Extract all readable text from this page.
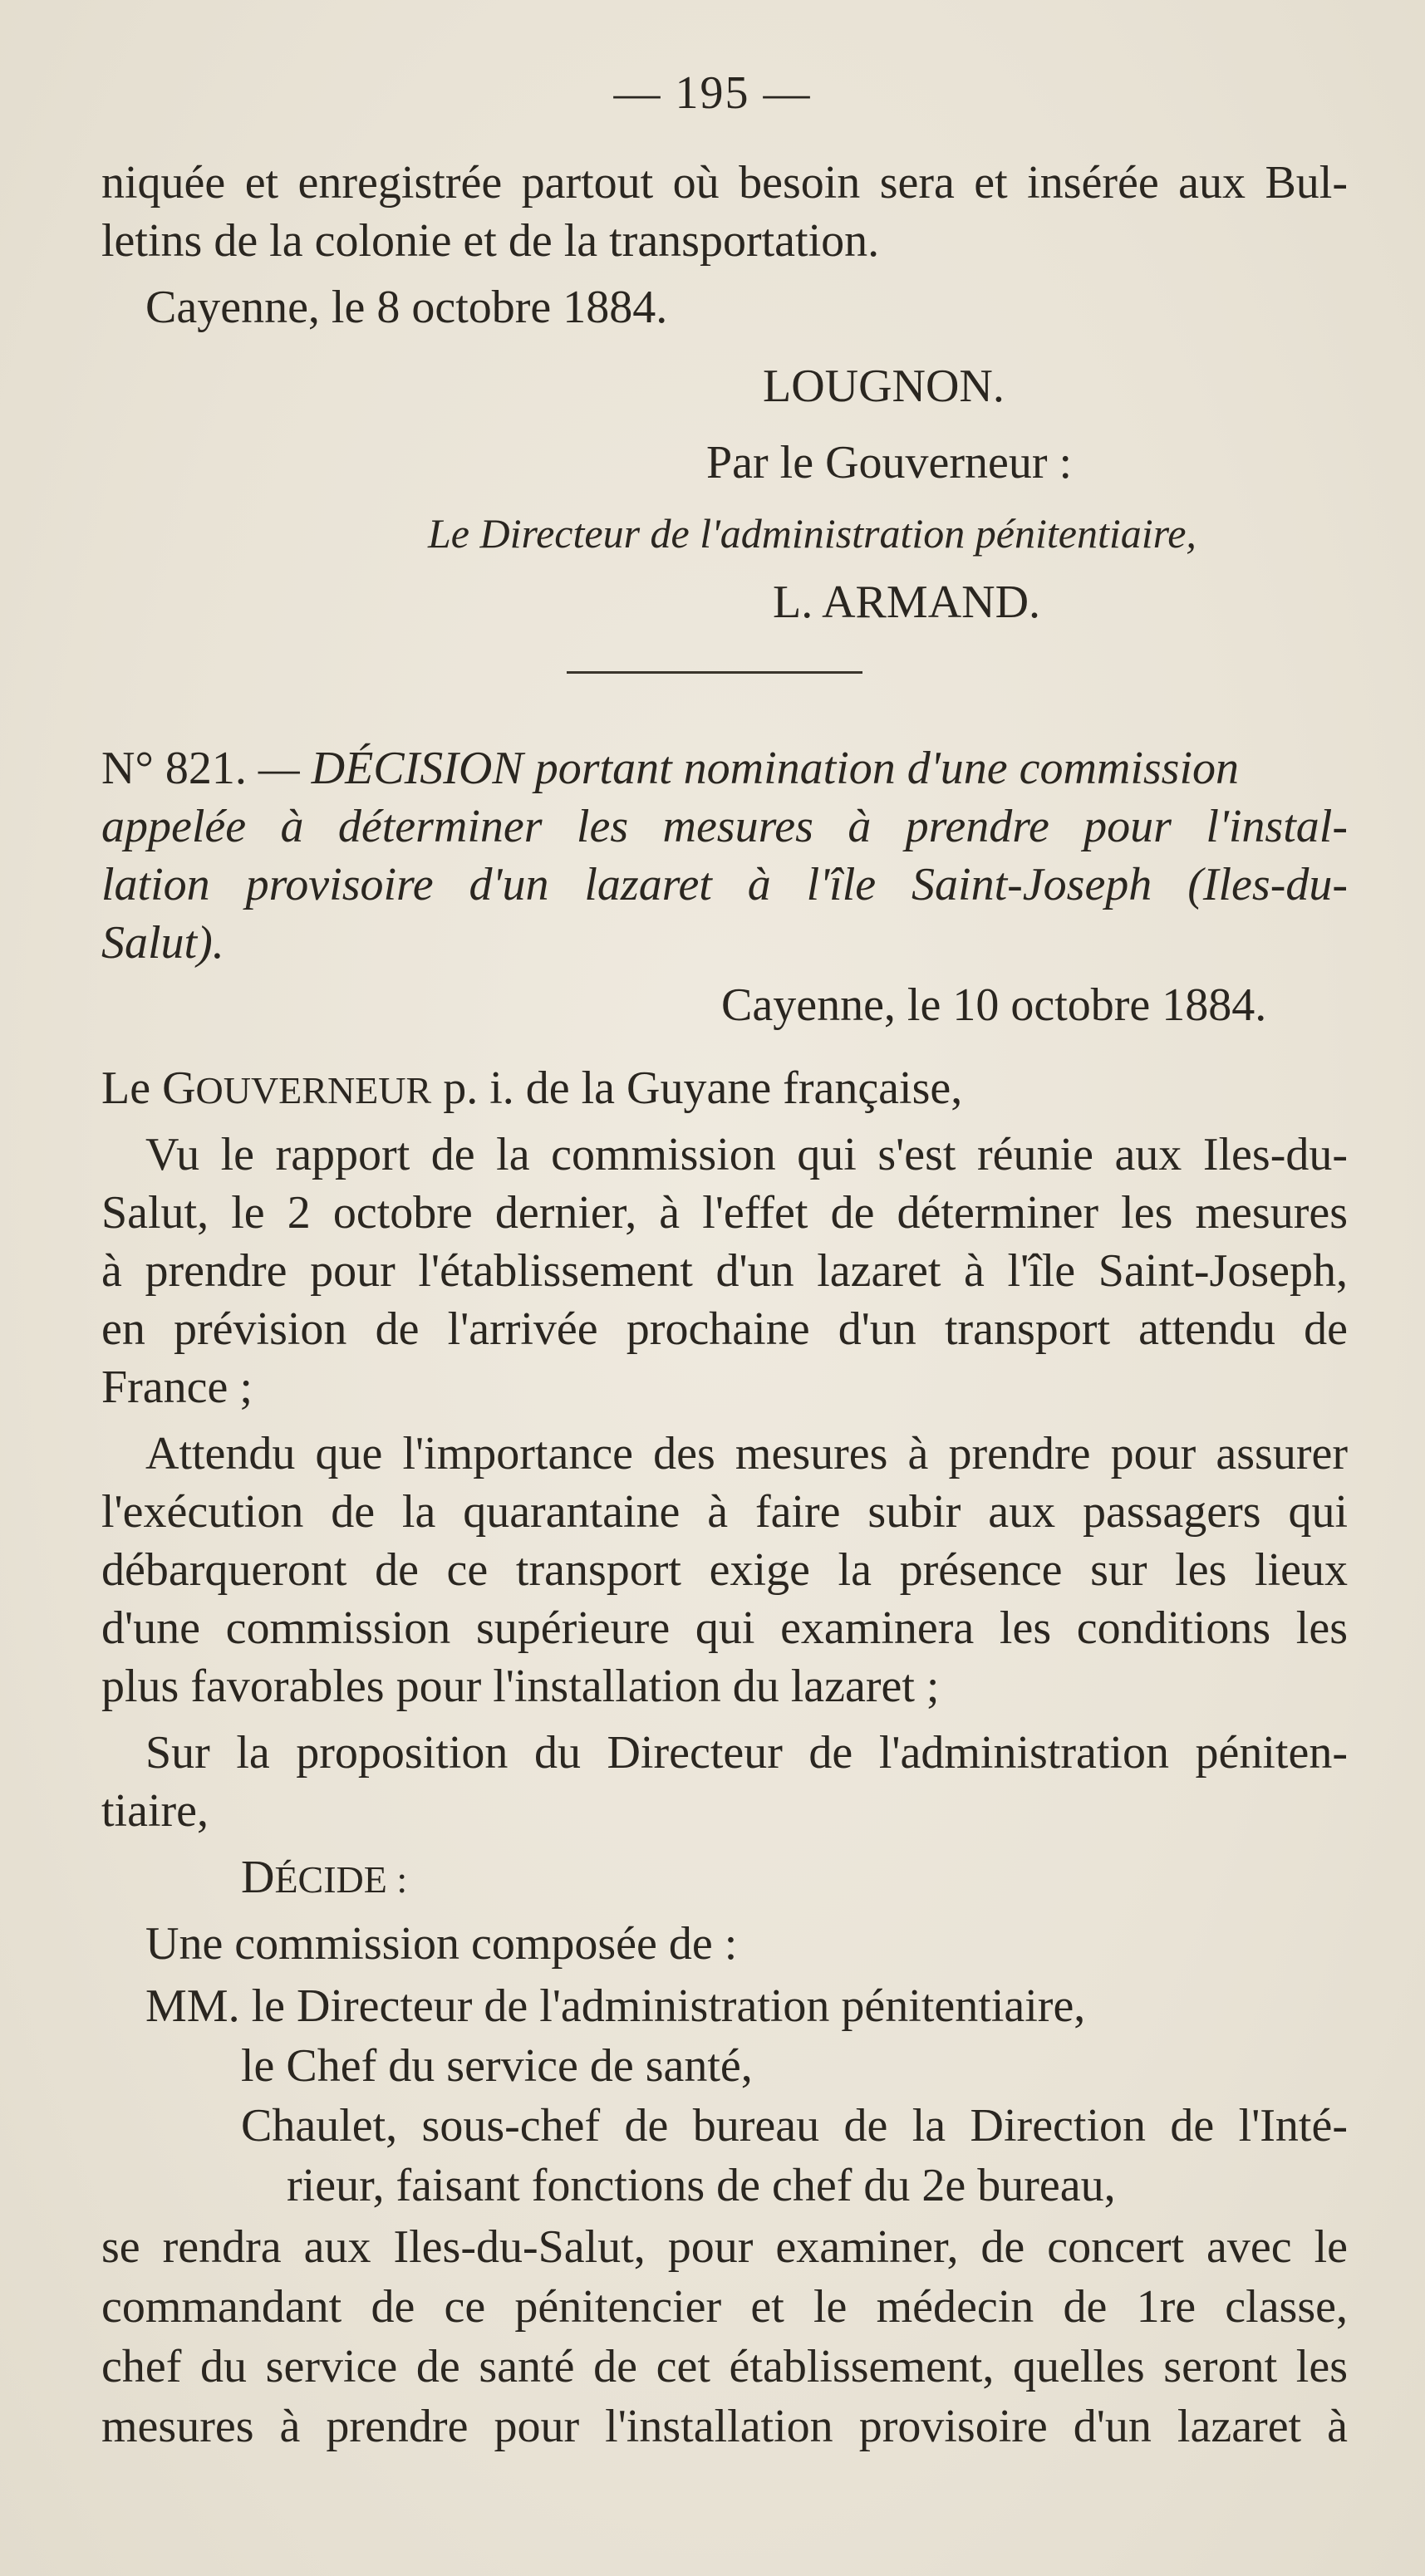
— 195 —
niquée et enregistrée partout où besoin sera et insérée aux Bul-
letins de la colonie et de la transportation.
Cayenne, le 8 octobre 1884.
LOUGNON.
Par le Gouverneur :
Le Directeur de l'administration pénitentiaire,
L. ARMAND.
N° 821. — DÉCISION portant nomination d'une commission
appelée à déterminer les mesures à prendre pour l'instal-
lation provisoire d'un lazaret à l'île Saint-Joseph (Iles-du-
Salut).
Cayenne, le 10 octobre 1884.
Le GOUVERNEUR p. i. de la Guyane française,
Vu le rapport de la commission qui s'est réunie aux Iles-du-
Salut, le 2 octobre dernier, à l'effet de déterminer les mesures
à prendre pour l'établissement d'un lazaret à l'île Saint-Joseph,
en prévision de l'arrivée prochaine d'un transport attendu de
France ;
Attendu que l'importance des mesures à prendre pour assurer
l'exécution de la quarantaine à faire subir aux passagers qui
débarqueront de ce transport exige la présence sur les lieux
d'une commission supérieure qui examinera les conditions les
plus favorables pour l'installation du lazaret ;
Sur la proposition du Directeur de l'administration péniten-
tiaire,
DÉCIDE :
Une commission composée de :
MM. le Directeur de l'administration pénitentiaire,
le Chef du service de santé,
Chaulet, sous-chef de bureau de la Direction de l'Inté-
rieur, faisant fonctions de chef du 2e bureau,
se rendra aux Iles-du-Salut, pour examiner, de concert avec le
commandant de ce pénitencier et le médecin de 1re classe,
chef du service de santé de cet établissement, quelles seront les
mesures à prendre pour l'installation provisoire d'un lazaret à
